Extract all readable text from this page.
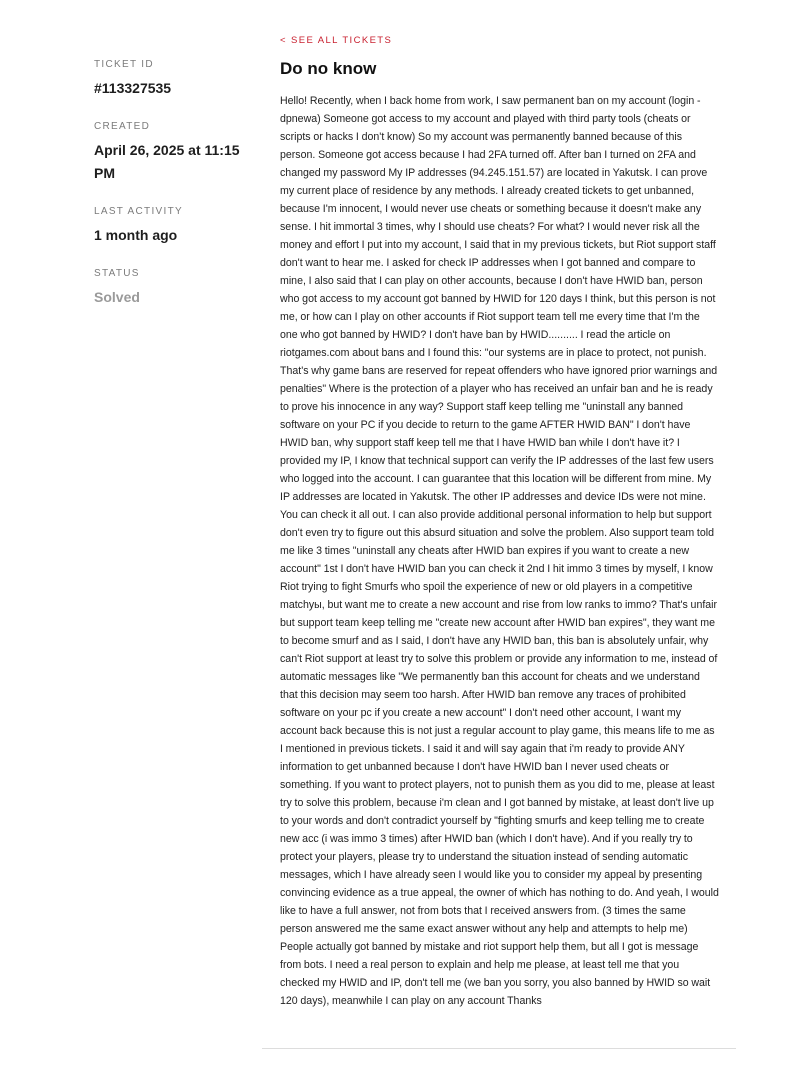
TICKET ID
#113327535
CREATED
April 26, 2025 at 11:15 PM
LAST ACTIVITY
1 month ago
STATUS
Solved
< SEE ALL TICKETS
Do no know
Hello! Recently, when I back home from work, I saw permanent ban on my account (login - dpnewa) Someone got access to my account and played with third party tools (cheats or scripts or hacks I don't know) So my account was permanently banned because of this person. Someone got access because I had 2FA turned off. After ban I turned on 2FA and changed my password My IP addresses (94.245.151.57) are located in Yakutsk. I can prove my current place of residence by any methods. I already created tickets to get unbanned, because I'm innocent, I would never use cheats or something because it doesn't make any sense. I hit immortal 3 times, why I should use cheats? For what? I would never risk all the money and effort I put into my account, I said that in my previous tickets, but Riot support staff don't want to hear me. I asked for check IP addresses when I got banned and compare to mine, I also said that I can play on other accounts, because I don't have HWID ban, person who got access to my account got banned by HWID for 120 days I think, but this person is not me, or how can I play on other accounts if Riot support team tell me every time that I'm the one who got banned by HWID? I don't have ban by HWID.......... I read the article on riotgames.com about bans and I found this: "our systems are in place to protect, not punish. That's why game bans are reserved for repeat offenders who have ignored prior warnings and penalties" Where is the protection of a player who has received an unfair ban and he is ready to prove his innocence in any way? Support staff keep telling me "uninstall any banned software on your PC if you decide to return to the game AFTER HWID BAN" I don't have HWID ban, why support staff keep tell me that I have HWID ban while I don't have it? I provided my IP, I know that technical support can verify the IP addresses of the last few users who logged into the account. I can guarantee that this location will be different from mine. My IP addresses are located in Yakutsk. The other IP addresses and device IDs were not mine. You can check it all out. I can also provide additional personal information to help but support don't even try to figure out this absurd situation and solve the problem. Also support team told me like 3 times "uninstall any cheats after HWID ban expires if you want to create a new account" 1st I don't have HWID ban you can check it 2nd I hit immo 3 times by myself, I know Riot trying to fight Smurfs who spoil the experience of new or old players in a competitive matchyы, but want me to create a new account and rise from low ranks to immo? That's unfair but support team keep telling me "create new account after HWID ban expires", they want me to become smurf and as I said, I don't have any HWID ban, this ban is absolutely unfair, why can't Riot support at least try to solve this problem or provide any information to me, instead of automatic messages like "We permanently ban this account for cheats and we understand that this decision may seem too harsh. After HWID ban remove any traces of prohibited software on your pc if you create a new account" I don't need other account, I want my account back because this is not just a regular account to play game, this means life to me as I mentioned in previous tickets. I said it and will say again that i'm ready to provide ANY information to get unbanned because I don't have HWID ban I never used cheats or something. If you want to protect players, not to punish them as you did to me, please at least try to solve this problem, because i'm clean and I got banned by mistake, at least don't live up to your words and don't contradict yourself by "fighting smurfs and keep telling me to create new acc (i was immo 3 times) after HWID ban (which I don't have). And if you really try to protect your players, please try to understand the situation instead of sending automatic messages, which I have already seen I would like you to consider my appeal by presenting convincing evidence as a true appeal, the owner of which has nothing to do. And yeah, I would like to have a full answer, not from bots that I received answers from. (3 times the same person answered me the same exact answer without any help and attempts to help me) People actually got banned by mistake and riot support help them, but all I got is message from bots. I need a real person to explain and help me please, at least tell me that you checked my HWID and IP, don't tell me (we ban you sorry, you also banned by HWID so wait 120 days), meanwhile I can play on any account Thanks
